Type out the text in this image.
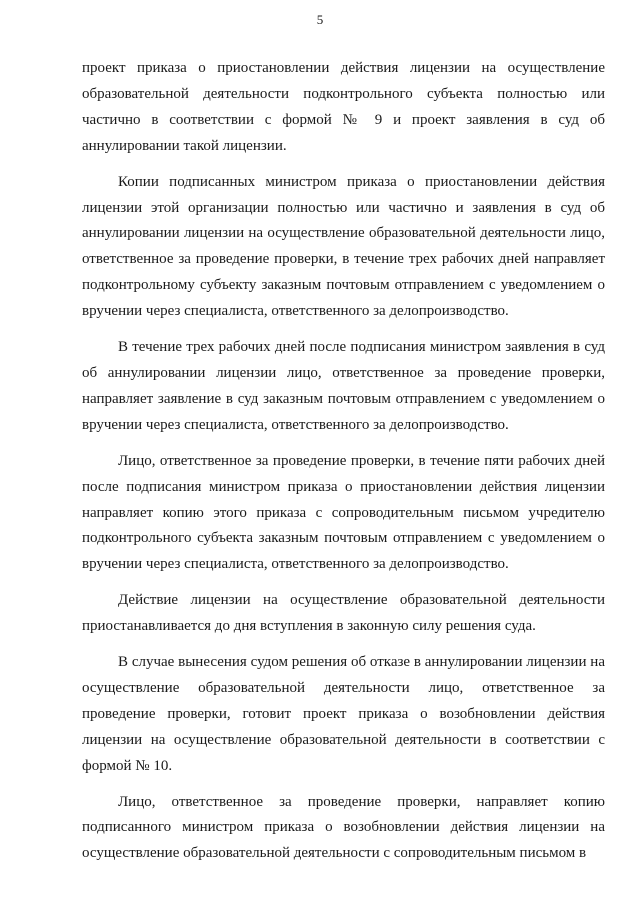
5

проект приказа о приостановлении действия лицензии на осуществление образовательной деятельности подконтрольного субъекта полностью или частично в соответствии с формой № 9 и проект заявления в суд об аннулировании такой лицензии.

Копии подписанных министром приказа о приостановлении действия лицензии этой организации полностью или частично и заявления в суд об аннулировании лицензии на осуществление образовательной деятельности лицо, ответственное за проведение проверки, в течение трех рабочих дней направляет подконтрольному субъекту заказным почтовым отправлением с уведомлением о вручении через специалиста, ответственного за делопроизводство.

В течение трех рабочих дней после подписания министром заявления в суд об аннулировании лицензии лицо, ответственное за проведение проверки, направляет заявление в суд заказным почтовым отправлением с уведомлением о вручении через специалиста, ответственного за делопроизводство.

Лицо, ответственное за проведение проверки, в течение пяти рабочих дней после подписания министром приказа о приостановлении действия лицензии направляет копию этого приказа с сопроводительным письмом учредителю подконтрольного субъекта заказным почтовым отправлением с уведомлением о вручении через специалиста, ответственного за делопроизводство.

Действие лицензии на осуществление образовательной деятельности приостанавливается до дня вступления в законную силу решения суда.

В случае вынесения судом решения об отказе в аннулировании лицензии на осуществление образовательной деятельности лицо, ответственное за проведение проверки, готовит проект приказа о возобновлении действия лицензии на осуществление образовательной деятельности в соответствии с формой № 10.

Лицо, ответственное за проведение проверки, направляет копию подписанного министром приказа о возобновлении действия лицензии на осуществление образовательной деятельности с сопроводительным письмом в
